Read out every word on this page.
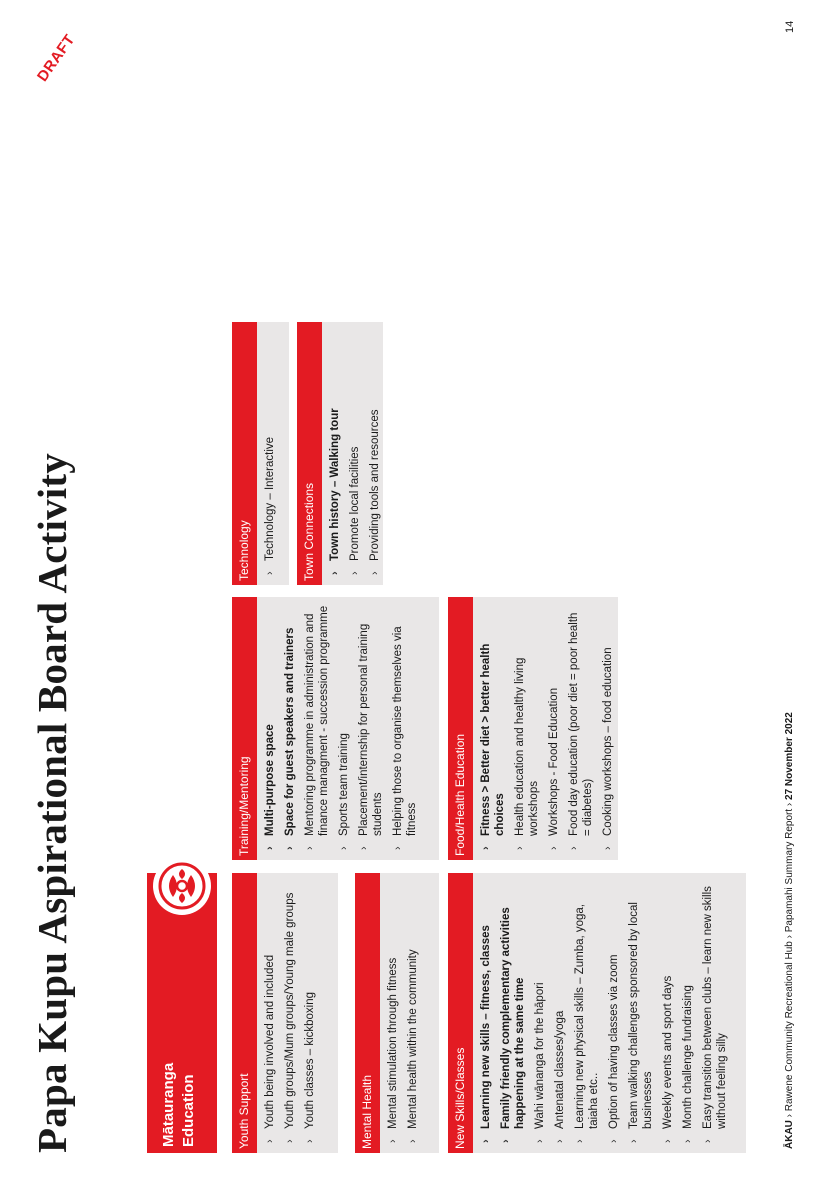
Papa Kupu Aspirational Board Activity
DRAFT
Mātauranga Education	Youth Support	› Youth being involved and included › Youth groups/Mum groups/Young male groups › Youth classes – kickboxing	Mental Health	› Mental stimulation through fitness › Mental health within the community	New Skills/Classes	› Learning new skills – fitness, classes › Family friendly complementary activities happening at the same time › Wahi wānanga for the hāpori › Antenatal classes/yoga › Learning new physical skills – Zumba, yoga, taiaha etc.. › Option of having classes via zoom › Team walking challenges sponsored by local businesses › Weekly events and sport days › Month challenge fundraising › Easy transition between clubs – learn new skills without feeling silly
Training/Mentoring	› Multi-purpose space › Space for guest speakers and trainers › Mentoring programme in administration and finance managment - succession programme › Sports team training › Placement/internship for personal training students › Helping those to organise themselves via fitness	Food/Health Education	› Fitness > Better diet > better health choices › Health education and healthy living workshops › Workshops - Food Education › Food day education (poor diet = poor health = diabetes) › Cooking workshops – food education
Technology	› Technology – Interactive	Town Connections	› Town history – Walking tour › Promote local facilities › Providing tools and resources
ĀKAU › Rawene Community Recreational Hub › Papamahi Summary Report › 27 November 2022
14
